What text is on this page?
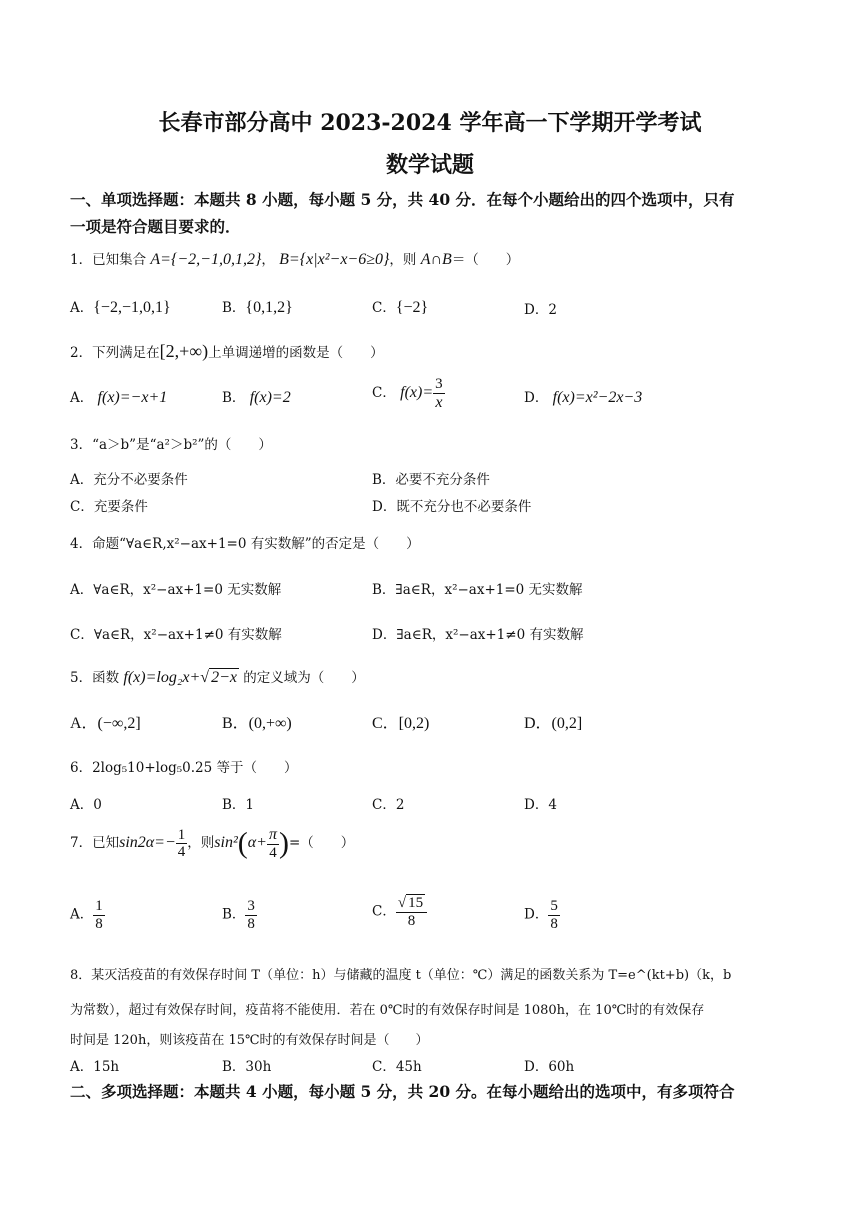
长春市部分高中 2023-2024 学年高一下学期开学考试
数学试题
一、单项选择题：本题共 8 小题，每小题 5 分，共 40 分．在每个小题给出的四个选项中，只有
一项是符合题目要求的．
1．已知集合 A={−2,−1,0,1,2}， B={x|x²−x−6≥0}，则 A∩B＝（　　）
A．{−2,−1,0,1}	B．{0,1,2}	C．{−2}	D．2
2．下列满足在[2,+∞)上单调递增的函数是（　　）
A． f(x)=−x+1	B． f(x)=2	C． $f(x)= \frac{3}{x}$	D． f(x)=x²−2x−3
3．“a＞b”是“a²＞b²”的（　　）
A．充分不必要条件	B．必要不充分条件
C．充要条件	D．既不充分也不必要条件
4．命题“∀a∈R,x²−ax+1=0 有实数解”的否定是（　　）
A．∀a∈R，x²−ax+1=0 无实数解	B．∃a∈R，x²−ax+1=0 无实数解
C．∀a∈R，x²−ax+1≠0 有实数解	D．∃a∈R，x²−ax+1≠0 有实数解
5．函数 f(x)=log₂x+√ 2−x 的定义域为（　　）
A．(−∞,2]	B．(0,+∞)	C．[0,2)	D．(0,2]
6．2log₅10+log₅0.25 等于（　　）
A．0	B．1	C．2	D．4
7．已知$\sin 2\alpha=- \frac{1}{4}$ ，则$\sin^2(\alpha+ \frac{\pi}{4}$ )=（　　）
A． $\frac{1}{8}$	B． $\frac{3}{8}$	C． $\frac{√ 15}{8}$	D． $\frac{5}{8}$
8．某灭活疫苗的有效保存时间 T（单位：h）与储藏的温度 t（单位：℃）满足的函数关系为 T=e^(kt+b)（k，b
为常数），超过有效保存时间，疫苗将不能使用．若在 0℃时的有效保存时间是 1080h，在 10℃时的有效保存
时间是 120h，则该疫苗在 15℃时的有效保存时间是（　　）
A．15h	B．30h	C．45h	D．60h
二、多项选择题：本题共 4 小题，每小题 5 分，共 20 分。在每小题给出的选项中，有多项符合
